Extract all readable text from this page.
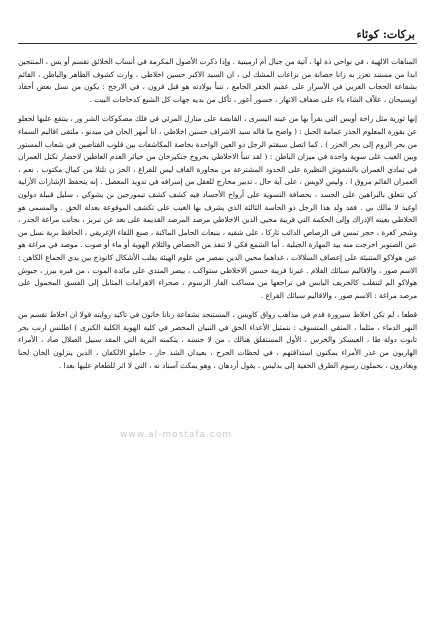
بركات: كوئاء

المناهات الالهية ، في نواحي ذة لها ، آتية من جبال أم ارمينية . وإذا ذكرت الأصول المكرمة في أنساب الخلائق تقسم أو يس ، المنتجين ابدا من مستند تعزز به زانا حصانة من نزاعات المشك لى ، ان السيد الاكبر حسين اخلاطي ، وارث كشوف الظاهر والباطن ، القائم بشفاعة الحجاب العربي في الأسرار على عقيم الجقر الجامع ، تنبأ بولادته هو قبل قرون ، في الارجح : يكون من نسل بعض أحفاد اويسيحان ، علاًف الشاء ياء على ضفاف الانهار ، جسور أعور ، تأكل من بديه جهات كل الشبع كدحاجات البيت .

إنها ثورية مثل راحة أويس التي يقرأ بها من عينه اليسرى ، القابضة على منازل المرئي في فلك مصكوكات الشر ور ، ينتفع عليها لجعلو عن بقورة المعلوم الحذر عمامة الحبل : ( واضح ما قاله سيد الاشراف حسين اخلاطي ، انا أمهر الخان في ميدنو ، ملتقى اقاليم السماء من بحر الروم إلى بحر الخزر ) . كما اتصل سبقتم الرجل ذو العين الواحدة بخاصة المكاشفات بين قلوب القناصين في شعاب المستور وبين الغيب على سوية واحدة في ميزان الباطن : ( لقد تنبأ الاخلاطي بخروج جنكيزخان من خياثر العدم العاطين لاحضار تكتل العمران في تمادي العمران بالشفوش النظيرة على الحدود المشترعة من مجاورة القاف ليس للفراغ ، الحز ن تلتلا من كمال مكتوب . نعم ، العمران القائم مروق ا . وليس لاويس ، على آية حال ، تدبير مخارج للعقل من إسرافه في تدويد المعصل . إنه يتحفظ الإشارات الأزلية كي تتعلق بالبراهين على الجسد ، بحصافة التسوية على أرواح الأجساد فيه كشف كشف تيمورجين بن يشوكي ، سليل قبيلة دولون اوغيد لا مالك بي . فقد ولد هذا الرجل ذو الحاسة الثالثة الذي يشرف بها الغيب على تكشف الموقوعة بعدلة الحق . والمسمى هو الخلاطي بعينه الإدراك وإلى الحكمة التي قريبة محيي الدين الاخلاطي مرصد المرصد القديمة على بعد عن تبريز ، بجانب مراغة الجدر ، وشجر كغرة ، حجر تمس في الرصاص الذائب تاركا ، على شقيه ، ينبعاث الحامل الماكنة ، صبغ اللقاء الإغريقي ، الحافظ برية نسل من عين الصنوبر اخرجت منه بيد المهارة الجبلية . أما الشمع فكي لا تنفذ من الحصاص والثلام الهوية أو ماء أو صوت . موصد في مراغة هو عين هولاكو المتنبئة على إعصاف السلالات ، غداهما محيي الدين بمصر من علوم الهيئة يقلب الأشكال كانوذج بين يدي الجماع الكاهن : الاسم صور ، والاقاليم سبائك الفلام . غيرنا قريبة حسين الاخلاطي ستواكب ، بيصر المتدي على مائدة الموت ، من قبره بيرز ، جيوش هولاكو الم لتنقلب كالجريف اليابس في تراجعها من مساكب الفار الرسوم ، صحراء الاهرامات المثابل إلى الفسق المحمول على مرصد مراغة : الاسم صور ، والاقاليم سبائك الفراغ .

قطعا ، لم تكن اخلاط سيرورة قدم في مذاهب رواق كاويس ، المستنجد بشفاعة زنانا خاتون في تاكيد روايته قولا ان اخلاط تقسم من النهر الدماء ، مثلما ، المتقي المتسوف : بتمثيل الأعداء الحق في التبيان المحضر في كلية الهوية الكلية الكبرى ) اطلنس ارنب بحر تابوت دولة طا ، العيسكر والخرس ، الأول المستقلق هنالك ، من لا جنسه ، يتكمنه البرية التي المقذ سبيل الصلال صاد ، الأمراء الهاربون من غذر الأمراء يمكنون استذاقتهم ، في لحظات الجرح ، بعيدان الشذ حار ، حاملو الالكفان ، الذين ينزلون الخان لحنا ويغادرون ، بحملون رسوم الطرق الخفية إلى بدليس ، يقول أردهان ، وهو يمكث آسناذ نه ، التي لا اثر للطعام عليها بعدا .

www.al-mostafa.com
